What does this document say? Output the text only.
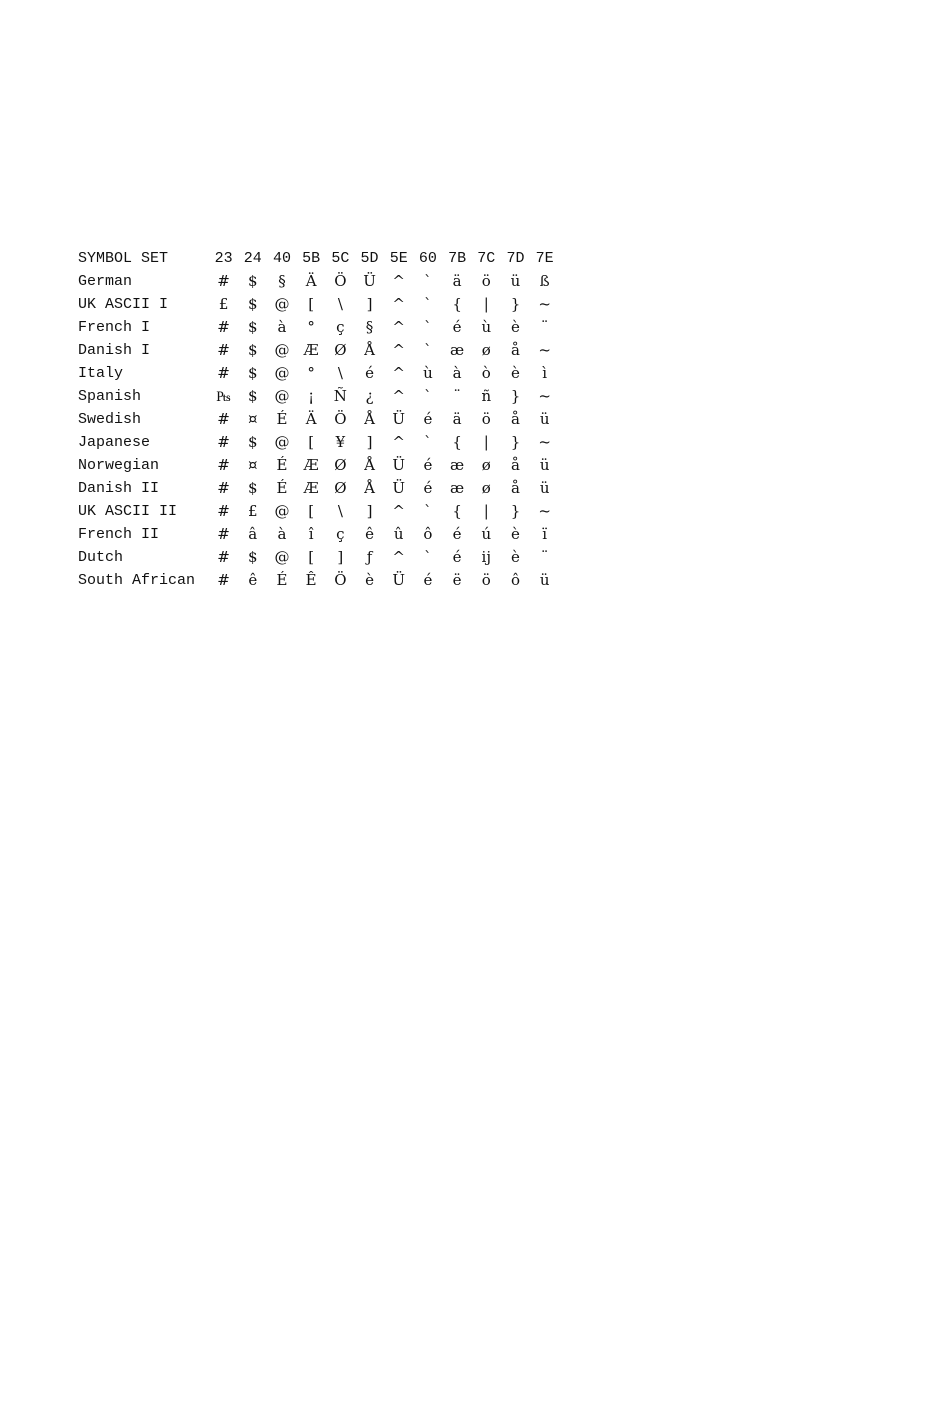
SYMBOL SET	23	24	40	5B	5C	5D	5E	60	7B	7C	7D	7E
German	#	$	§	Ä	Ö	Ü	^	`	ä	ö	ü	ß
UK ASCII I	£	$	@	[	\	]	^	`	{	|	}	~
French I	#	$	à	°	ç	§	^	`	é	ù	è	¨
Danish I	#	$	@	Æ	Ø	Å	^	`	æ	ø	å	~
Italy	#	$	@	°	\	é	^	ù	à	ò	è	ì
Spanish	₧	$	@	¡	Ñ	¿	^	`	¨	ñ	}	~
Swedish	#	¤	É	Ä	Ö	Å	Ü	é	ä	ö	å	ü
Japanese	#	$	@	[	¥	]	^	`	{	|	}	~
Norwegian	#	¤	É	Æ	Ø	Å	Ü	é	æ	ø	å	ü
Danish II	#	$	É	Æ	Ø	Å	Ü	é	æ	ø	å	ü
UK ASCII II	#	£	@	[	\	]	^	`	{	|	}	~
French II	#	â	à	î	ç	ê	û	ô	é	ú	è	ï
Dutch	#	$	@	[	]	ƒ	^	`	é	ij	è	¨
South African	#	ê	É	Ê	Ö	è	Ü	é	ë	ö	ô	ü
